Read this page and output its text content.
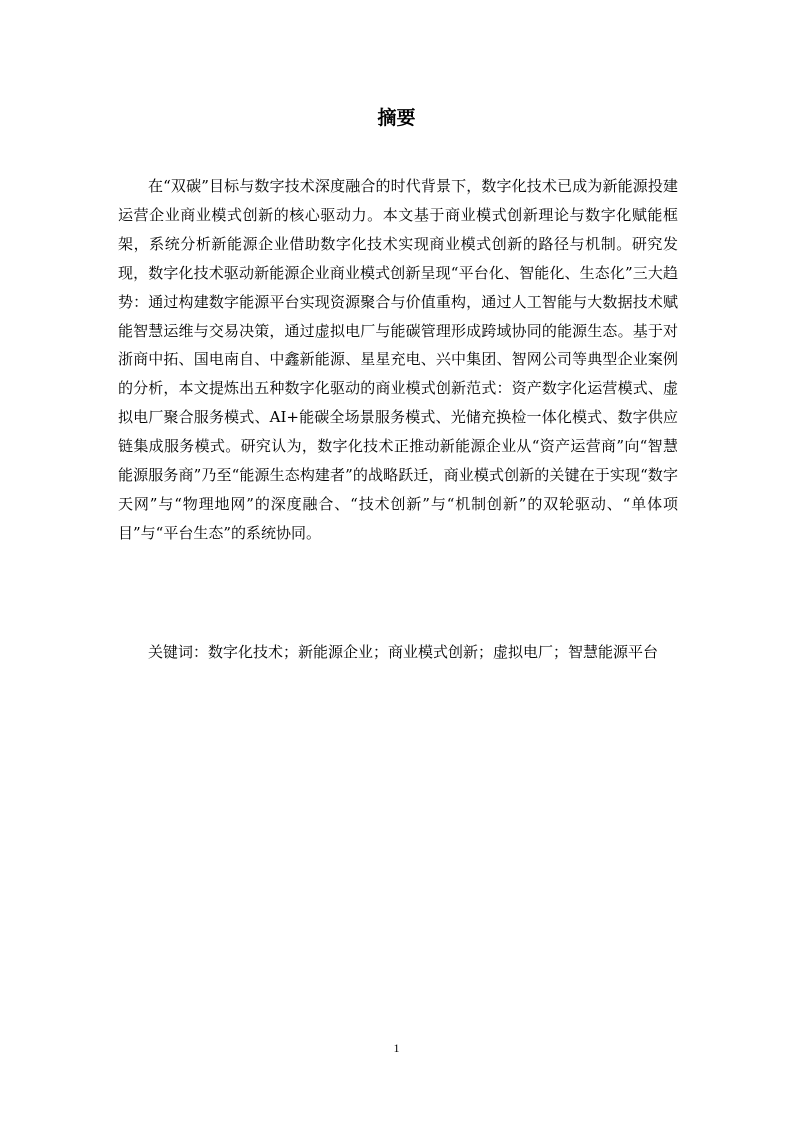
摘要

在“双碳”目标与数字技术深度融合的时代背景下，数字化技术已成为新能源投建运营企业商业模式创新的核心驱动力。本文基于商业模式创新理论与数字化赋能框架，系统分析新能源企业借助数字化技术实现商业模式创新的路径与机制。研究发现，数字化技术驱动新能源企业商业模式创新呈现“平台化、智能化、生态化”三大趋势：通过构建数字能源平台实现资源聚合与价值重构，通过人工智能与大数据技术赋能智慧运维与交易决策，通过虚拟电厂与能碳管理形成跨域协同的能源生态。基于对浙商中拓、国电南自、中鑫新能源、星星充电、兴中集团、智网公司等典型企业案例的分析，本文提炼出五种数字化驱动的商业模式创新范式：资产数字化运营模式、虚拟电厂聚合服务模式、AI+能碳全场景服务模式、光储充换检一体化模式、数字供应链集成服务模式。研究认为，数字化技术正推动新能源企业从“资产运营商”向“智慧能源服务商”乃至“能源生态构建者”的战略跃迁，商业模式创新的关键在于实现“数字天网”与“物理地网”的深度融合、“技术创新”与“机制创新”的双轮驱动、“单体项目”与“平台生态”的系统协同。

关键词：数字化技术；新能源企业；商业模式创新；虚拟电厂；智慧能源平台

1
